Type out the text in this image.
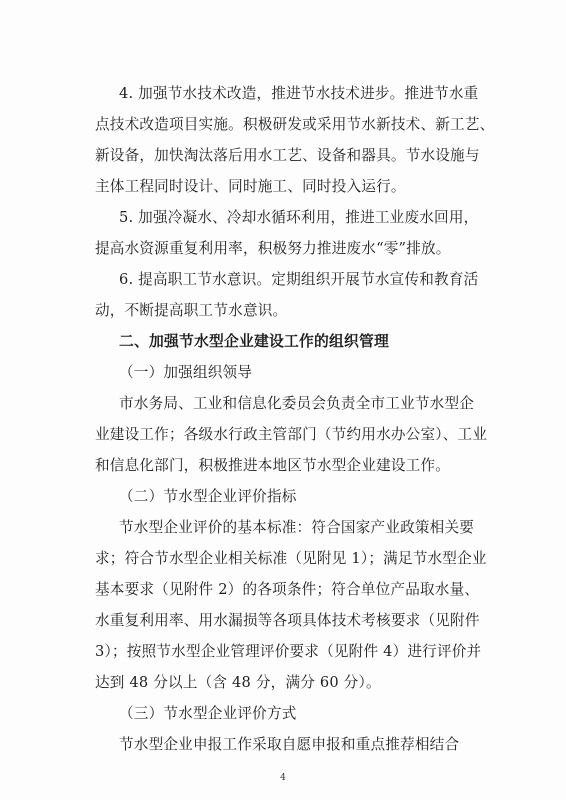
4. 加强节水技术改造，推进节水技术进步。推进节水重
点技术改造项目实施。积极研发或采用节水新技术、新工艺、
新设备，加快淘汰落后用水工艺、设备和器具。节水设施与
主体工程同时设计、同时施工、同时投入运行。
5. 加强冷凝水、冷却水循环利用，推进工业废水回用，
提高水资源重复利用率，积极努力推进废水“零”排放。
6. 提高职工节水意识。定期组织开展节水宣传和教育活
动，不断提高职工节水意识。
二、加强节水型企业建设工作的组织管理
（一）加强组织领导
市水务局、工业和信息化委员会负责全市工业节水型企
业建设工作；各级水行政主管部门（节约用水办公室）、工业
和信息化部门，积极推进本地区节水型企业建设工作。
（二）节水型企业评价指标
节水型企业评价的基本标准：符合国家产业政策相关要
求；符合节水型企业相关标准（见附见 1）；满足节水型企业
基本要求（见附件 2）的各项条件；符合单位产品取水量、
水重复利用率、用水漏损等各项具体技术考核要求（见附件
3）；按照节水型企业管理评价要求（见附件 4）进行评价并
达到 48 分以上（含 48 分，满分 60 分）。
（三）节水型企业评价方式
节水型企业申报工作采取自愿申报和重点推荐相结合
4
